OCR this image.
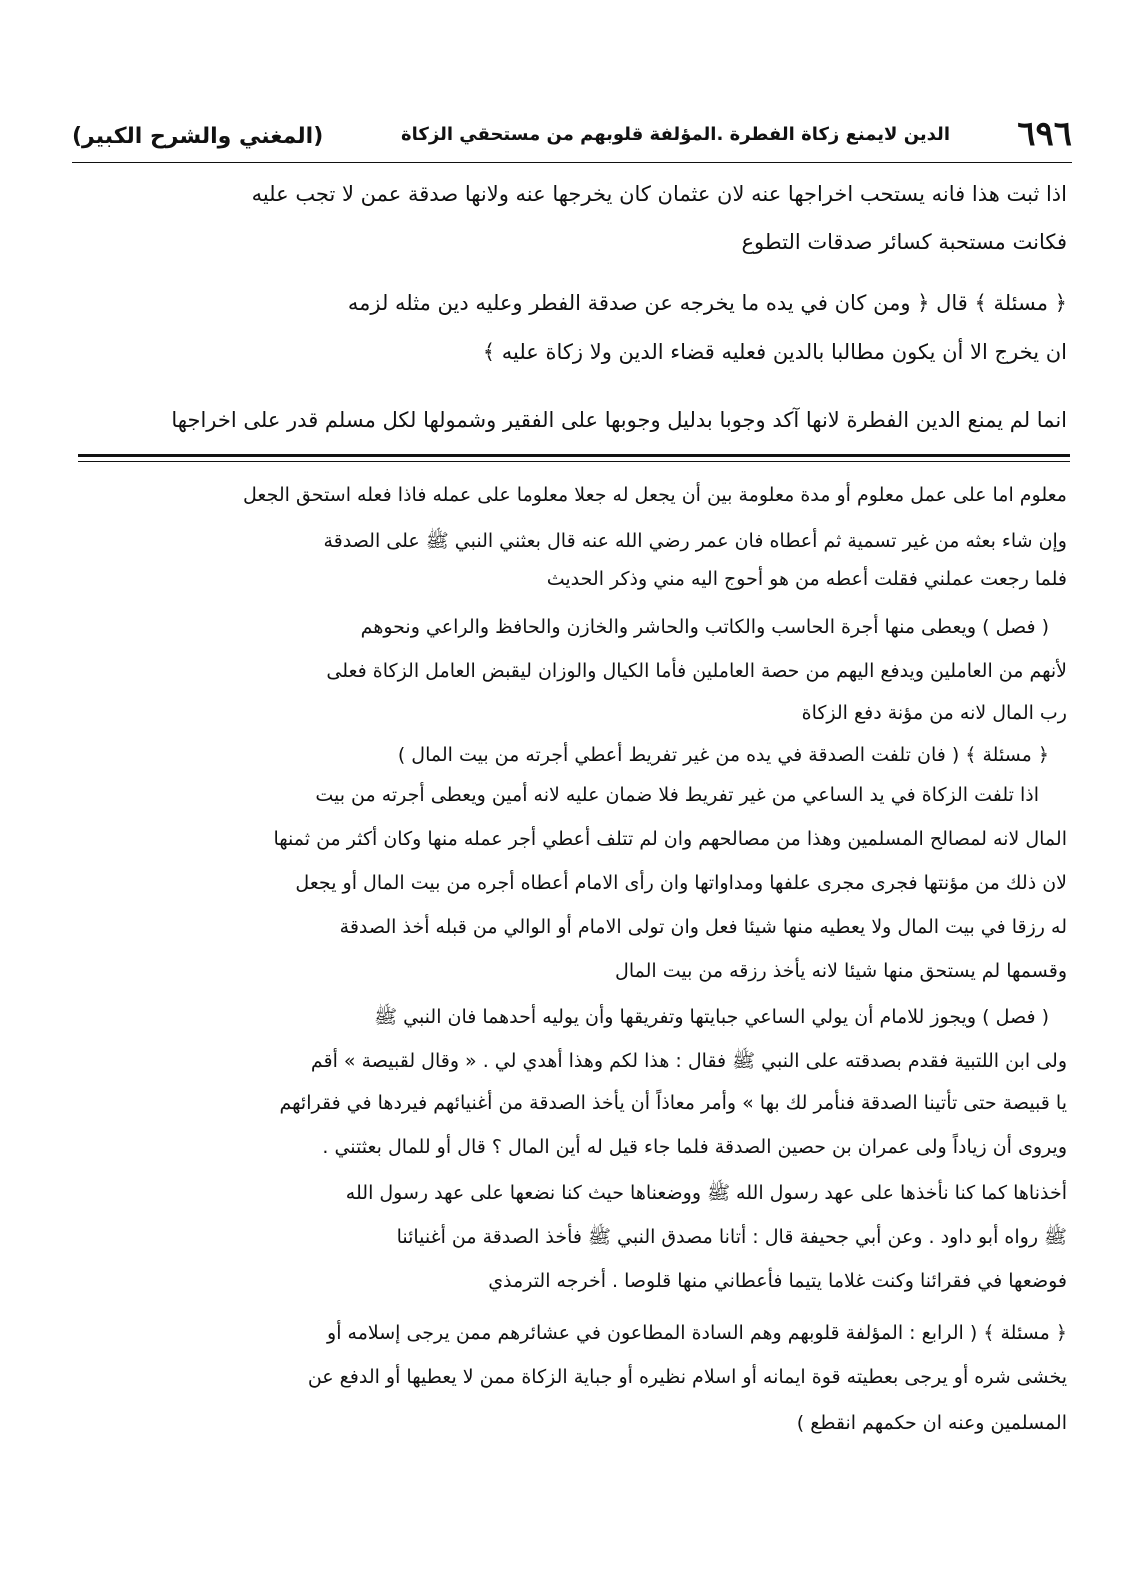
٦٩٦
الدين لايمنع زكاة الفطرة .المؤلفة قلوبهم من مستحقي الزكاة
(المغني والشرح الكبير)
اذا ثبت هذا فانه يستحب اخراجها عنه لان عثمان كان يخرجها عنه ولانها صدقة عمن لا تجب عليه
فكانت مستحبة كسائر صدقات التطوع
﴿ مسئلة ﴾ قال ﴿ ومن كان في يده ما يخرجه عن صدقة الفطر وعليه دين مثله لزمه
ان يخرج الا أن يكون مطالبا بالدين فعليه قضاء الدين ولا زكاة عليه ﴾
انما لم يمنع الدين الفطرة لانها آكد وجوبا بدليل وجوبها على الفقير وشمولها لكل مسلم قدر على اخراجها
معلوم اما على عمل معلوم أو مدة معلومة بين أن يجعل له جعلا معلوما على عمله فاذا فعله استحق الجعل
وإن شاء بعثه من غير تسمية ثم أعطاه فان عمر رضي الله عنه قال بعثني النبي ﷺ على الصدقة
فلما رجعت عملني فقلت أعطه من هو أحوج اليه مني وذكر الحديث
( فصل ) ويعطى منها أجرة الحاسب والكاتب والحاشر والخازن والحافظ والراعي ونحوهم
لأنهم من العاملين ويدفع اليهم من حصة العاملين فأما الكيال والوزان ليقبض العامل الزكاة فعلى
رب المال لانه من مؤنة دفع الزكاة
﴿ مسئلة ﴾ ( فان تلفت الصدقة في يده من غير تفريط أعطي أجرته من بيت المال )
اذا تلفت الزكاة في يد الساعي من غير تفريط فلا ضمان عليه لانه أمين ويعطى أجرته من بيت
المال لانه لمصالح المسلمين وهذا من مصالحهم وان لم تتلف أعطي أجر عمله منها وكان أكثر من ثمنها
لان ذلك من مؤنتها فجرى مجرى علفها ومداواتها وان رأى الامام أعطاه أجره من بيت المال أو يجعل
له رزقا في بيت المال ولا يعطيه منها شيئا فعل وان تولى الامام أو الوالي من قبله أخذ الصدقة
وقسمها لم يستحق منها شيئا لانه يأخذ رزقه من بيت المال
( فصل ) ويجوز للامام أن يولي الساعي جبايتها وتفريقها وأن يوليه أحدهما فان النبي ﷺ
ولى ابن اللتبية فقدم بصدقته على النبي ﷺ فقال : هذا لكم وهذا أهدي لي . « وقال لقبيصة » أقم
يا قبيصة حتى تأتينا الصدقة فنأمر لك بها » وأمر معاذاً أن يأخذ الصدقة من أغنيائهم فيردها في فقرائهم
ويروى أن زياداً ولى عمران بن حصين الصدقة فلما جاء قيل له أين المال ؟ قال أو للمال بعثتني .
أخذناها كما كنا نأخذها على عهد رسول الله ﷺ ووضعناها حيث كنا نضعها على عهد رسول الله
ﷺ رواه أبو داود . وعن أبي جحيفة قال : أتانا مصدق النبي ﷺ فأخذ الصدقة من أغنيائنا
فوضعها في فقرائنا وكنت غلاما يتيما فأعطاني منها قلوصا . أخرجه الترمذي
﴿ مسئلة ﴾ ( الرابع : المؤلفة قلوبهم وهم السادة المطاعون في عشائرهم ممن يرجى إسلامه أو
يخشى شره أو يرجى بعطيته قوة ايمانه أو اسلام نظيره أو جباية الزكاة ممن لا يعطيها أو الدفع عن
المسلمين وعنه ان حكمهم انقطع )
